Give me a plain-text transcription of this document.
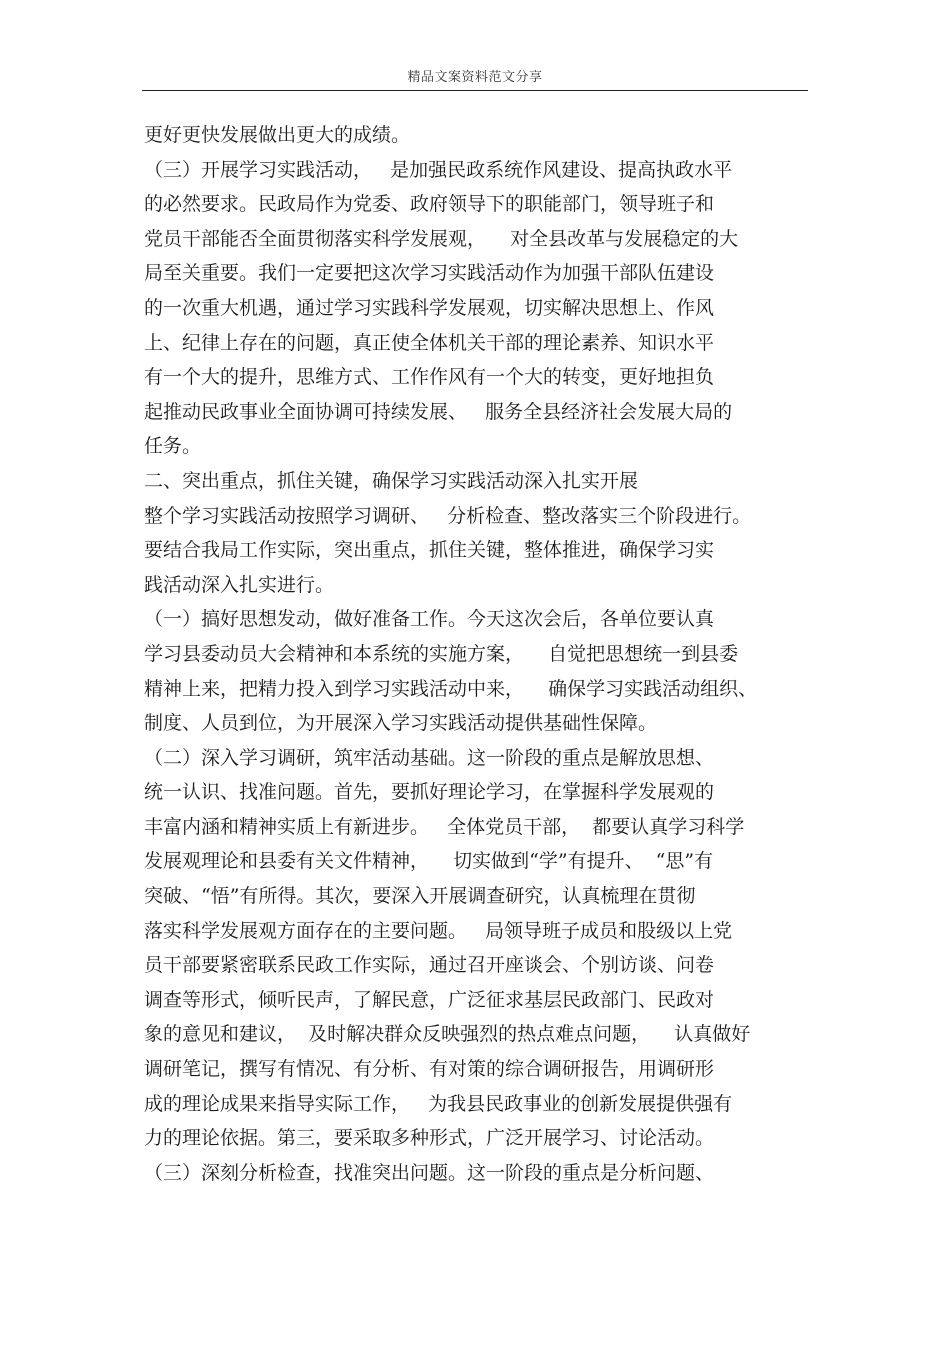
精品文案资料范文分享
更好更快发展做出更大的成绩。
（三）开展学习实践活动，   是加强民政系统作风建设、提高执政水平
的必然要求。民政局作为党委、政府领导下的职能部门，领导班子和
党员干部能否全面贯彻落实科学发展观，    对全县改革与发展稳定的大
局至关重要。我们一定要把这次学习实践活动作为加强干部队伍建设
的一次重大机遇，通过学习实践科学发展观，切实解决思想上、作风
上、纪律上存在的问题，真正使全体机关干部的理论素养、知识水平
有一个大的提升，思维方式、工作作风有一个大的转变，更好地担负
起推动民政事业全面协调可持续发展、   服务全县经济社会发展大局的
任务。
二、突出重点，抓住关键，确保学习实践活动深入扎实开展
整个学习实践活动按照学习调研、   分析检查、整改落实三个阶段进行。
要结合我局工作实际，突出重点，抓住关键，整体推进，确保学习实
践活动深入扎实进行。
（一）搞好思想发动，做好准备工作。今天这次会后，各单位要认真
学习县委动员大会精神和本系统的实施方案，    自觉把思想统一到县委
精神上来，把精力投入到学习实践活动中来，    确保学习实践活动组织、
制度、人员到位，为开展深入学习实践活动提供基础性保障。
（二）深入学习调研，筑牢活动基础。这一阶段的重点是解放思想、
统一认识、找准问题。首先，要抓好理论学习，在掌握科学发展观的
丰富内涵和精神实质上有新进步。   全体党员干部，  都要认真学习科学
发展观理论和县委有关文件精神，    切实做到“学”有提升、  “思”有
突破、“悟”有所得。其次，要深入开展调查研究，认真梳理在贯彻
落实科学发展观方面存在的主要问题。   局领导班子成员和股级以上党
员干部要紧密联系民政工作实际，通过召开座谈会、个别访谈、问卷
调查等形式，倾听民声，了解民意，广泛征求基层民政部门、民政对
象的意见和建议，  及时解决群众反映强烈的热点难点问题，    认真做好
调研笔记，撰写有情况、有分析、有对策的综合调研报告，用调研形
成的理论成果来指导实际工作，   为我县民政事业的创新发展提供强有
力的理论依据。第三，要采取多种形式，广泛开展学习、讨论活动。
（三）深刻分析检查，找准突出问题。这一阶段的重点是分析问题、
